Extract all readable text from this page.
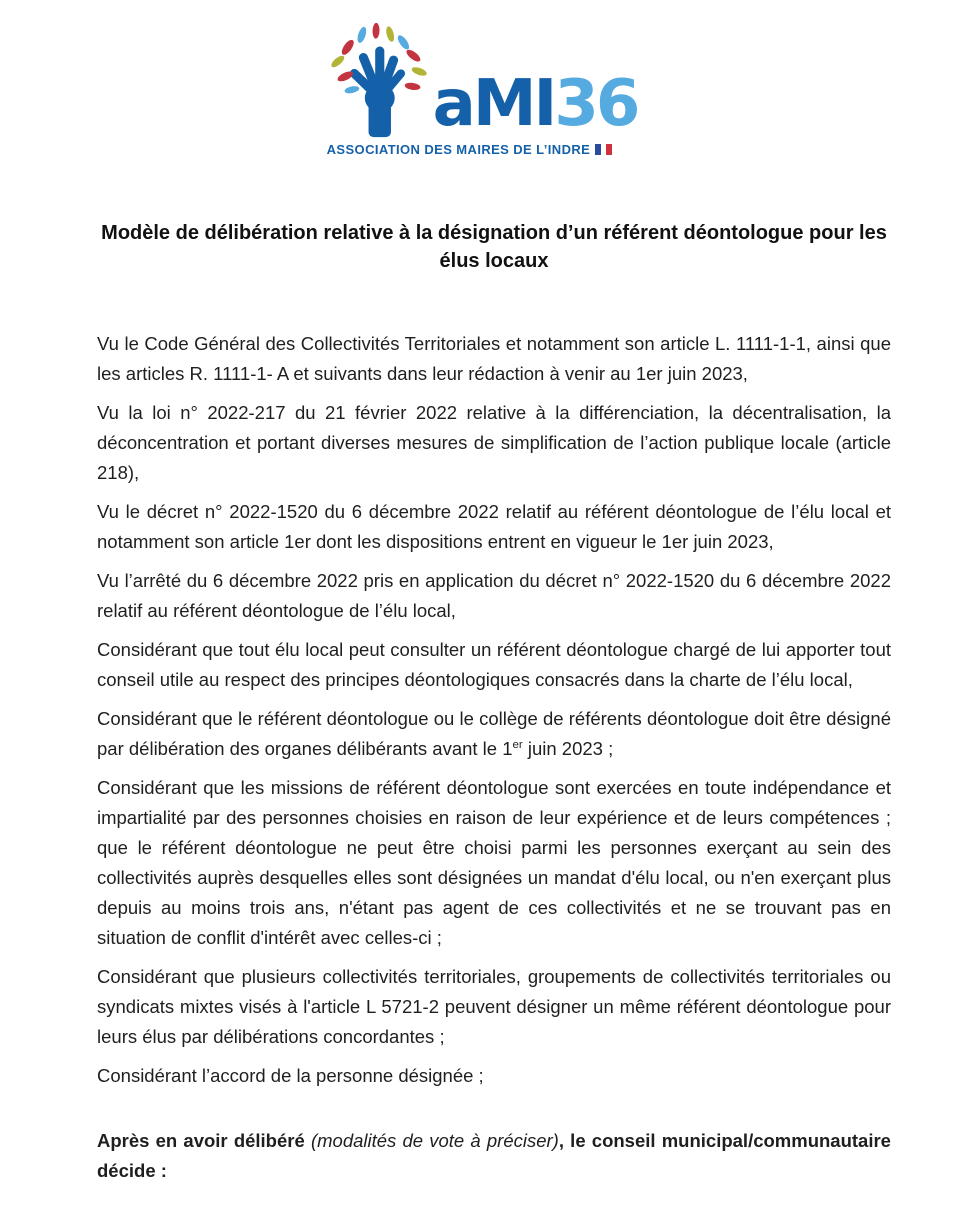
aMI36
ASSOCIATION DES MAIRES DE L’INDRE
Modèle de délibération relative à la désignation d’un référent déontologue pour les élus locaux

Vu le Code Général des Collectivités Territoriales et notamment son article L. 1111-1-1, ainsi que les articles R. 1111-1- A et suivants dans leur rédaction à venir au 1er juin 2023,

Vu la loi n° 2022-217 du 21 février 2022 relative à la différenciation, la décentralisation, la déconcentration et portant diverses mesures de simplification de l’action publique locale (article 218),

Vu le décret n° 2022-1520 du 6 décembre 2022 relatif au référent déontologue de l’élu local et notamment son article 1er dont les dispositions entrent en vigueur le 1er juin 2023,

Vu l’arrêté du 6 décembre 2022 pris en application du décret n° 2022-1520 du 6 décembre 2022 relatif au référent déontologue de l’élu local,

Considérant que tout élu local peut consulter un référent déontologue chargé de lui apporter tout conseil utile au respect des principes déontologiques consacrés dans la charte de l’élu local,

Considérant que le référent déontologue ou le collège de référents déontologue doit être désigné par délibération des organes délibérants avant le 1er juin 2023 ;

Considérant que les missions de référent déontologue sont exercées en toute indépendance et impartialité par des personnes choisies en raison de leur expérience et de leurs compétences ; que le référent déontologue ne peut être choisi parmi les personnes exerçant au sein des collectivités auprès desquelles elles sont désignées un mandat d'élu local, ou n'en exerçant plus depuis au moins trois ans, n'étant pas agent de ces collectivités et ne se trouvant pas en situation de conflit d'intérêt avec celles-ci ;

Considérant que plusieurs collectivités territoriales, groupements de collectivités territoriales ou syndicats mixtes visés à l'article L 5721-2 peuvent désigner un même référent déontologue pour leurs élus par délibérations concordantes ;

Considérant l’accord de la personne désignée ;

Après en avoir délibéré (modalités de vote à préciser), le conseil municipal/communautaire décide :
